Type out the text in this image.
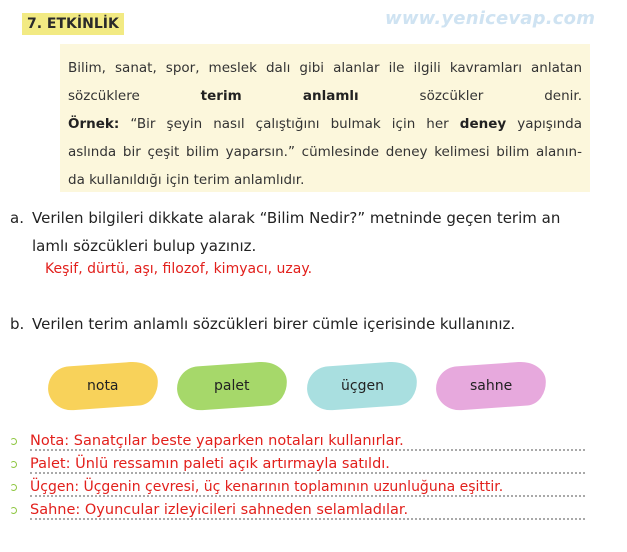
7. ETKİNLİK	www.yenicevap.com

Bilim, sanat, spor, meslek dalı gibi alanlar ile ilgili kavramları anlatan

sözcüklere terim anlamlı sözcükler denir.

Örnek: “Bir şeyin nasıl çalıştığını bulmak için her deney yapışında

aslında bir çeşit bilim yaparsın.” cümlesinde deney kelimesi bilim alanın-

da kullanıldığı için terim anlamlıdır.

a. Verilen bilgileri dikkate alarak “Bilim Nedir?” metninde geçen terim an
lamlı sözcükleri bulup yazınız.
Keşif, dürtü, aşı, filozof, kimyacı, uzay.
b. Verilen terim anlamlı sözcükleri birer cümle içerisinde kullanınız.
nota	palet	üçgen	sahne
Nota: Sanatçılar beste yaparken notaları kullanırlar.
Palet: Ünlü ressamın paleti açık artırmayla satıldı.
Üçgen: Üçgenin çevresi, üç kenarının toplamının uzunluğuna eşittir.
Sahne: Oyuncular izleyicileri sahneden selamladılar.
